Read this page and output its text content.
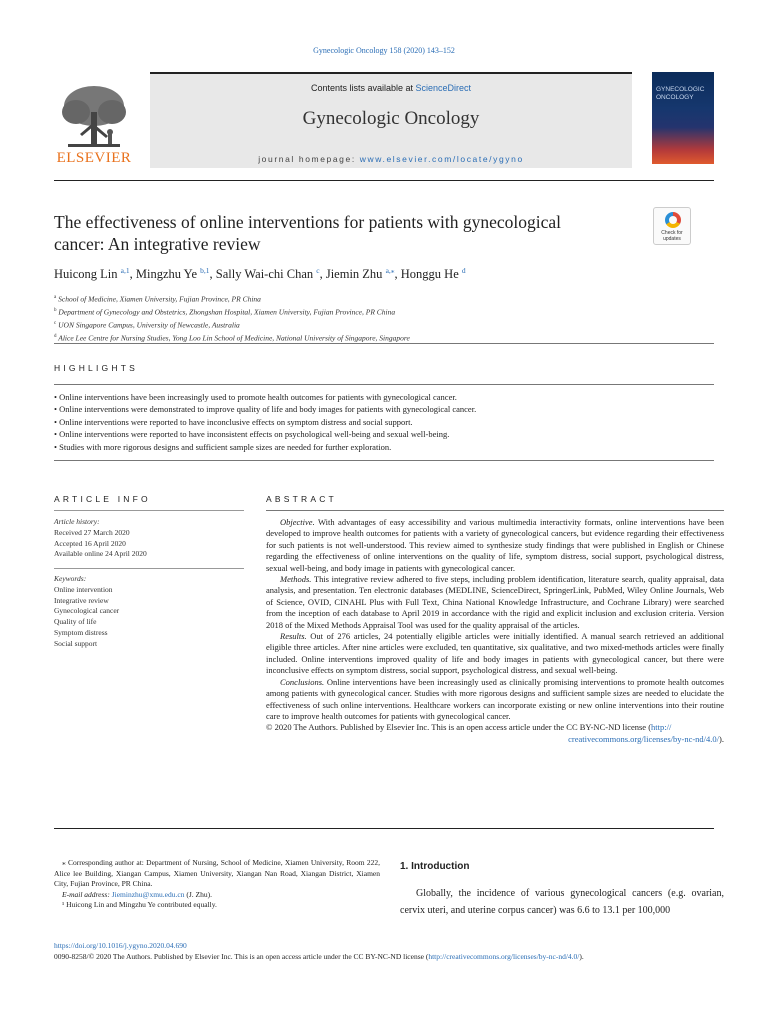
Gynecologic Oncology 158 (2020) 143–152
ELSEVIER
Contents lists available at ScienceDirect
Gynecologic Oncology
journal homepage: www.elsevier.com/locate/ygyno
GYNECOLOGIC
ONCOLOGY
The effectiveness of online interventions for patients with gynecological
cancer: An integrative review
Check for
updates
Huicong Lin $^{a,1}$, Mingzhu Ye $^{b,1}$, Sally Wai-chi Chan $^c$, Jiemin Zhu $^{a,⁎}$, Honggu He $^d$
$^a$ School of Medicine, Xiamen University, Fujian Province, PR China
$^b$ Department of Gynecology and Obstetrics, Zhongshan Hospital, Xiamen University, Fujian Province, PR China
$^c$ UON Singapore Campus, University of Newcastle, Australia
$^d$ Alice Lee Centre for Nursing Studies, Yong Loo Lin School of Medicine, National University of Singapore, Singapore
HIGHLIGHTS
• Online interventions have been increasingly used to promote health outcomes for patients with gynecological cancer.
• Online interventions were demonstrated to improve quality of life and body images for patients with gynecological cancer.
• Online interventions were reported to have inconclusive effects on symptom distress and social support.
• Online interventions were reported to have inconsistent effects on psychological well-being and sexual well-being.
• Studies with more rigorous designs and sufficient sample sizes are needed for further exploration.
ARTICLE INFO	ABSTRACT
Article history:
Received 27 March 2020
Accepted 16 April 2020
Available online 24 April 2020
Keywords:
Online intervention
Integrative review
Gynecological cancer
Quality of life
Symptom distress
Social support

Objective. With advantages of easy accessibility and various multimedia interactivity formats, online interventions have been developed to improve health outcomes for patients with a variety of gynecological cancers, but evidence regarding their effectiveness for such patients is not well-understood. This review aimed to synthesize study findings that were published in English or Chinese regarding the effectiveness of online interventions on the quality of life, symptom distress, social support, psychological distress, sexual well-being, and body image in patients with gynecological cancer.

Methods. This integrative review adhered to five steps, including problem identification, literature search, quality appraisal, data analysis, and presentation. Ten electronic databases (MEDLINE, ScienceDirect, SpringerLink, PubMed, Wiley Online Journals, Web of Science, OVID, CINAHL Plus with Full Text, China National Knowledge Infrastructure, and Cochrane Library) were searched from the inception of each database to April 2019 in accordance with the rigid and explicit inclusion and exclusion criteria. Version 2018 of the Mixed Methods Appraisal Tool was used for the quality appraisal of the articles.

Results. Out of 276 articles, 24 potentially eligible articles were initially identified. A manual search retrieved an additional eligible three articles. After nine articles were excluded, ten quantitative, six qualitative, and two mixed-methods articles were finally included. Online interventions improved quality of life and body images in patients with gynecological cancer, but there were inconclusive effects on symptom distress, social support, psychological distress, and sexual well-being.

Conclusions. Online interventions have been increasingly used as clinically promising interventions to promote health outcomes among patients with gynecological cancer. Studies with more rigorous designs and sufficient sample sizes are needed to elucidate the effectiveness of such online interventions. Healthcare workers can incorporate existing or new online interventions into their routine care to improve health outcomes for patients with gynecological cancer.

© 2020 The Authors. Published by Elsevier Inc. This is an open access article under the CC BY-NC-ND license (http://

creativecommons.org/licenses/by-nc-nd/4.0/).

⁎ Corresponding author at: Department of Nursing, School of Medicine, Xiamen University, Room 222, Alice lee Building, Xiangan Campus, Xiamen University, Xiangan Nan Road, Xiangan District, Xiamen City, Fujian Province, PR China.
E-mail address: Jieminzhu@xmu.edu.cn (J. Zhu).
¹ Huicong Lin and Mingzhu Ye contributed equally.
1. Introduction
Globally, the incidence of various gynecological cancers (e.g. ovarian, cervix uteri, and uterine corpus cancer) was 6.6 to 13.1 per 100,000
https://doi.org/10.1016/j.ygyno.2020.04.690
0090-8258/© 2020 The Authors. Published by Elsevier Inc. This is an open access article under the CC BY-NC-ND license (http://creativecommons.org/licenses/by-nc-nd/4.0/).
